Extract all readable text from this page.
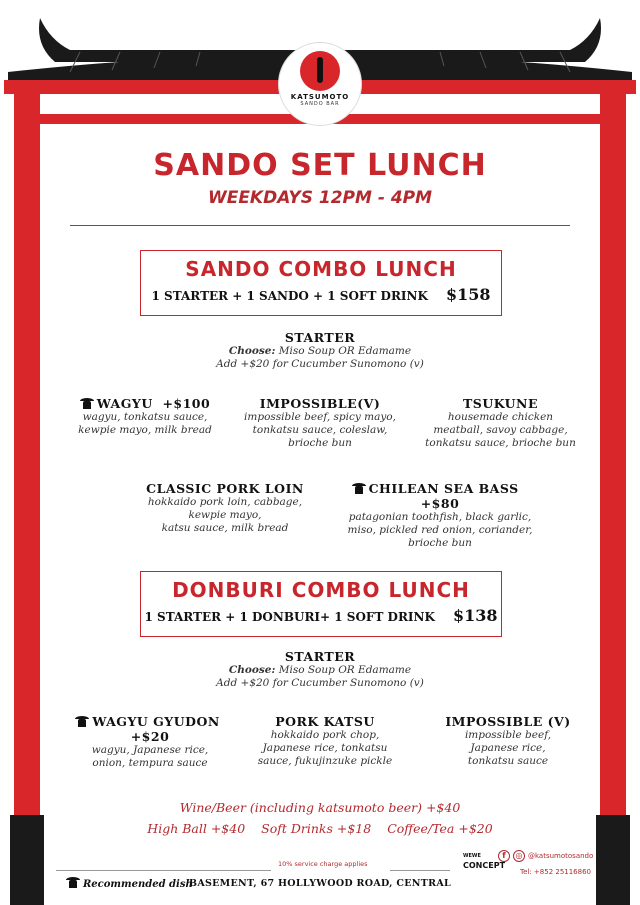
KATSUMOTO
SANDO BAR
SANDO SET LUNCH
WEEKDAYS 12PM - 4PM
SANDO COMBO LUNCH
1 STARTER + 1 SANDO + 1 SOFT DRINK $158
STARTER
Choose: Miso Soup OR Edamame
Add +$20 for Cucumber Sunomono (v)
WAGYU +$100
wagyu, tonkatsu sauce,
kewpie mayo, milk bread
IMPOSSIBLE(V)
impossible beef, spicy mayo,
tonkatsu sauce, coleslaw,
brioche bun
TSUKUNE
housemade chicken
meatball, savoy cabbage,
tonkatsu sauce, brioche bun
CLASSIC PORK LOIN
hokkaido pork loin, cabbage,
kewpie mayo,
katsu sauce, milk bread
CHILEAN SEA BASS   +$80
patagonian toothfish, black garlic,
miso, pickled red onion, coriander,
brioche bun
DONBURI COMBO LUNCH
1 STARTER + 1 DONBURI+ 1 SOFT DRINK $138
STARTER
Choose: Miso Soup OR Edamame
Add +$20 for Cucumber Sunomono (v)
WAGYU GYUDON  +$20
wagyu, Japanese rice,
onion, tempura sauce
PORK KATSU
hokkaido pork chop,
Japanese rice, tonkatsu
sauce, fukujinzuke pickle
IMPOSSIBLE (V)
impossible beef,
Japanese rice,
tonkatsu sauce
Wine/Beer (including katsumoto beer) +$40
High Ball +$40 Soft Drinks +$18 Coffee/Tea +$20
10% service charge applies
Recommended dish
BASEMENT, 67 HOLLYWOOD ROAD, CENTRAL
WEWE
CONCEPT
f	◎ @katsumotosando
Tel: +852 25116860
